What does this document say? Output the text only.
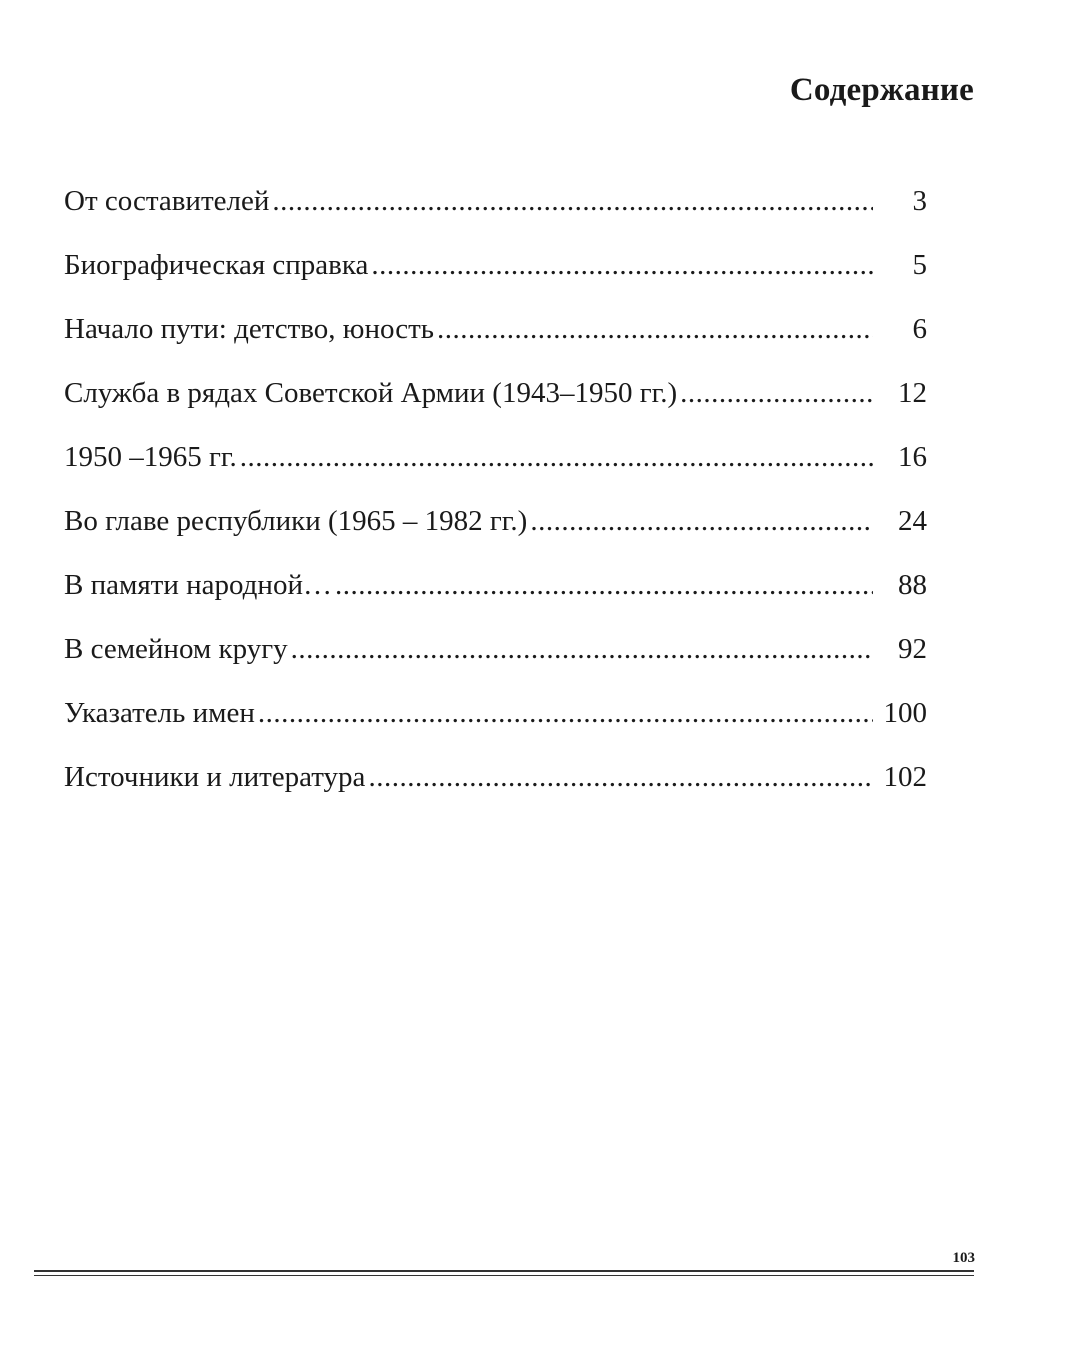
Содержание
От составителей .....	3
Биографическая справка .....	5
Начало пути: детство, юность .....	6
Служба в рядах Советской Армии (1943–1950 гг.) .....	12
1950 –1965 гг. .....	16
Во главе республики (1965 – 1982 гг.) .....	24
В памяти народной… .....	88
В семейном кругу .....	92
Указатель имен .....	100
Источники и литература .....	102
103
